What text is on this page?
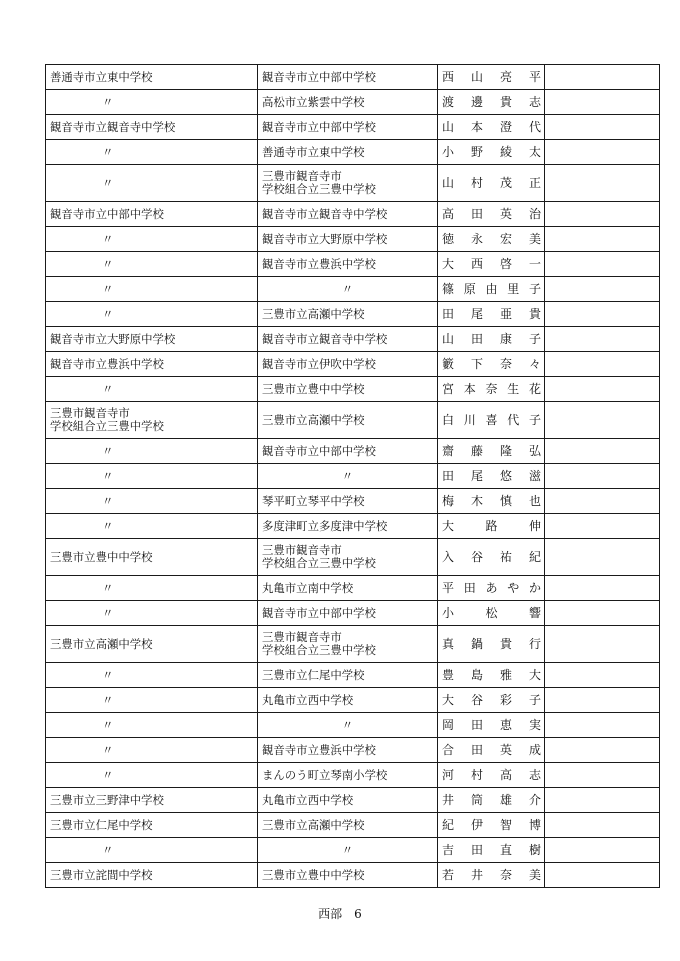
善通寺市立東中学校	観音寺市立中部中学校	西 山 亮 平	

〃	高松市立紫雲中学校	渡 邊 貴 志	

観音寺市立観音寺中学校	観音寺市立中部中学校	山 本 澄 代	

〃	善通寺市立東中学校	小 野 綾 太	

〃	三豊市観音寺市
学校組合立三豊中学校	山 村 茂 正	

観音寺市立中部中学校	観音寺市立観音寺中学校	高 田 英 治	

〃	観音寺市立大野原中学校	徳 永 宏 美	

〃	観音寺市立豊浜中学校	大 西 啓 一	

〃	〃	篠 原 由 里 子	

〃	三豊市立高瀬中学校	田 尾 亜 貴	

観音寺市立大野原中学校	観音寺市立観音寺中学校	山 田 康 子	

観音寺市立豊浜中学校	観音寺市立伊吹中学校	籔 下 奈 々	

〃	三豊市立豊中中学校	宮 本 奈 生 花	

三豊市観音寺市
学校組合立三豊中学校	三豊市立高瀬中学校	白 川 喜 代 子	

〃	観音寺市立中部中学校	齋 藤 隆 弘	

〃	〃	田 尾 悠 滋	

〃	琴平町立琴平中学校	梅 木 慎 也	

〃	多度津町立多度津中学校	大 路 伸	

三豊市立豊中中学校	三豊市観音寺市
学校組合立三豊中学校	入 谷 祐 紀	

〃	丸亀市立南中学校	平 田 あ や か	

〃	観音寺市立中部中学校	小 松 響	

三豊市立高瀬中学校	三豊市観音寺市
学校組合立三豊中学校	真 鍋 貴 行	

〃	三豊市立仁尾中学校	豊 島 雅 大	

〃	丸亀市立西中学校	大 谷 彩 子	

〃	〃	岡 田 恵 実	

〃	観音寺市立豊浜中学校	合 田 英 成	

〃	まんのう町立琴南小学校	河 村 高 志	

三豊市立三野津中学校	丸亀市立西中学校	井 筒 雄 介	

三豊市立仁尾中学校	三豊市立高瀬中学校	紀 伊 智 博	

〃	〃	吉 田 直 樹	

三豊市立詫間中学校	三豊市立豊中中学校	若 井 奈 美	

西部　6
